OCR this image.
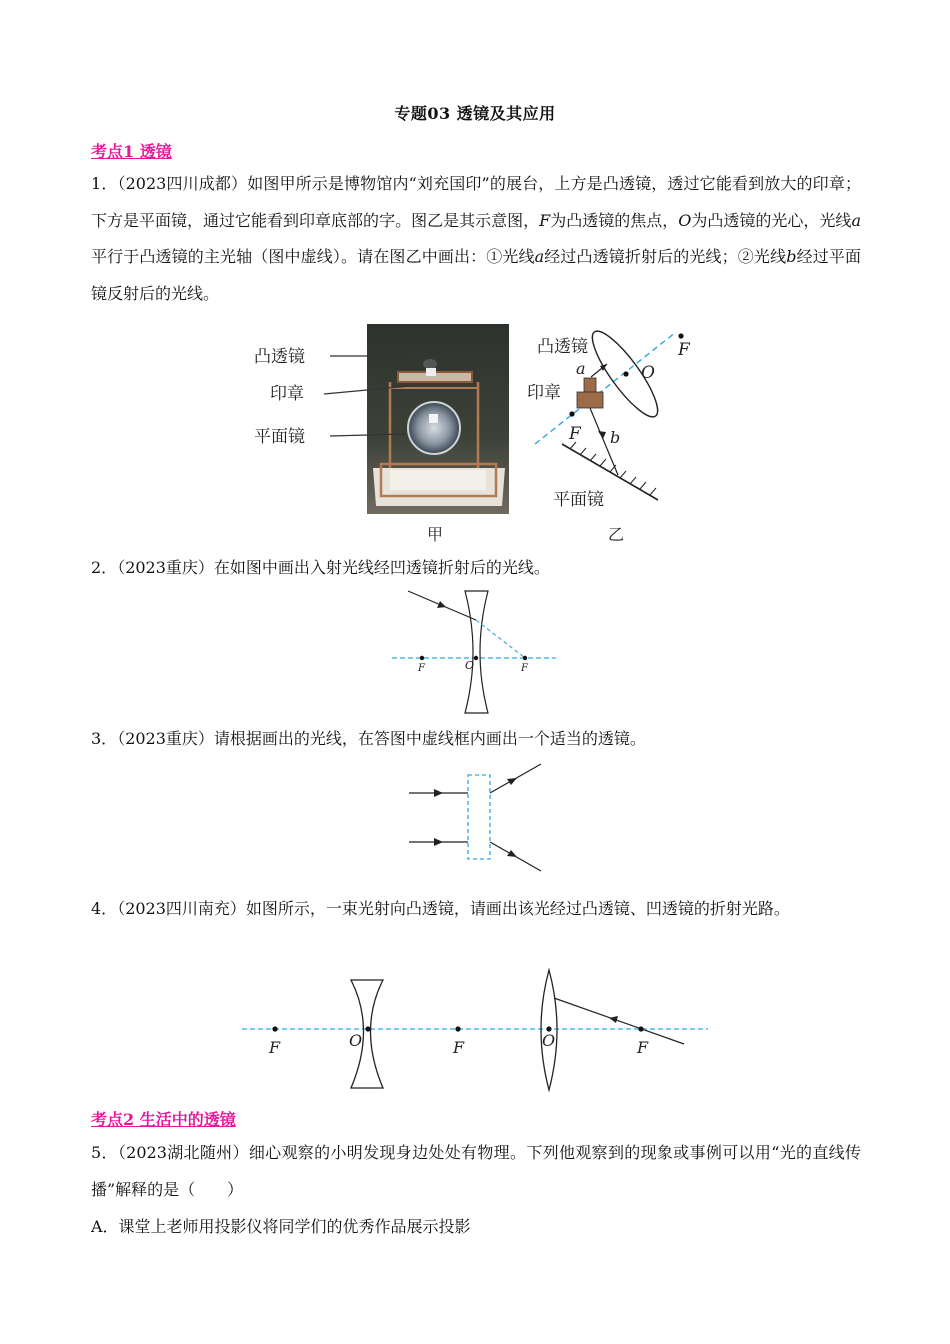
专题03 透镜及其应用
考点1 透镜
1．（2023四川成都）如图甲所示是博物馆内“刘充国印”的展台，上方是凸透镜，透过它能看到放大的印章；下方是平面镜，通过它能看到印章底部的字。图乙是其示意图，F为凸透镜的焦点，O为凸透镜的光心，光线a平行于凸透镜的主光轴（图中虚线）。请在图乙中画出：①光线a经过凸透镜折射后的光线；②光线b经过平面镜反射后的光线。
凸透镜
印章
平面镜
甲
凸透镜
印章
平面镜
F
F
O
a
b
乙
2．（2023重庆）在如图中画出入射光线经凹透镜折射后的光线。
F	O	F
3．（2023重庆）请根据画出的光线，在答图中虚线框内画出一个适当的透镜。
4．（2023四川南充）如图所示，一束光射向凸透镜，请画出该光经过凸透镜、凹透镜的折射光路。
F	O	F	O	F
考点2 生活中的透镜
5．（2023湖北随州）细心观察的小明发现身边处处有物理。下列他观察到的现象或事例可以用“光的直线传播”解释的是（　　）
A．课堂上老师用投影仪将同学们的优秀作品展示投影
